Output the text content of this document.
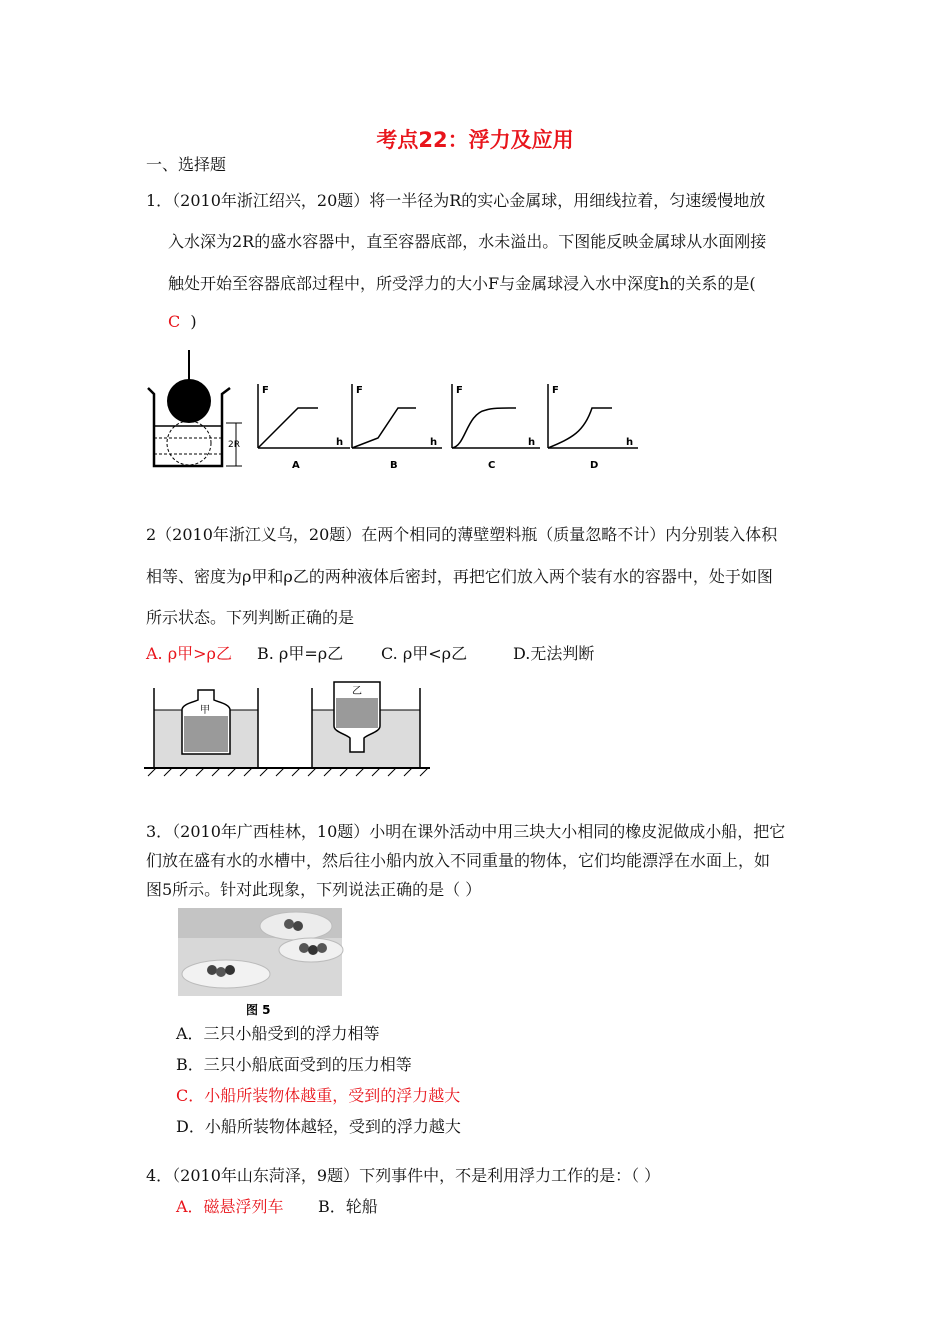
考点22：浮力及应用
一、选择题
1．（2010年浙江绍兴，20题）将一半径为R的实心金属球，用细线拉着，匀速缓慢地放
入水深为2R的盛水容器中，直至容器底部，水未溢出。下图能反映金属球从水面刚接
触处开始至容器底部过程中，所受浮力的大小F与金属球浸入水中深度h的关系的是(
C )
2R
F
h
A
F
h
B
F
h
C
F
h
D
2（2010年浙江义乌，20题）在两个相同的薄壁塑料瓶（质量忽略不计）内分别装入体积
相等、密度为ρ甲和ρ乙的两种液体后密封，再把它们放入两个装有水的容器中，处于如图
所示状态。下列判断正确的是
A. ρ甲>ρ乙 B. ρ甲=ρ乙 C. ρ甲<ρ乙	D.无法判断
甲
乙
3．（2010年广西桂林，10题）小明在课外活动中用三块大小相同的橡皮泥做成小船，把它
们放在盛有水的水槽中，然后往小船内放入不同重量的物体，它们均能漂浮在水面上，如
图5所示。针对此现象，下列说法正确的是（ ）
图 5
A．三只小船受到的浮力相等
B．三只小船底面受到的压力相等
C．小船所装物体越重，受到的浮力越大
D．小船所装物体越轻，受到的浮力越大
4．（2010年山东菏泽，9题）下列事件中，不是利用浮力工作的是：（ ）
A．磁悬浮列车 B．轮船
